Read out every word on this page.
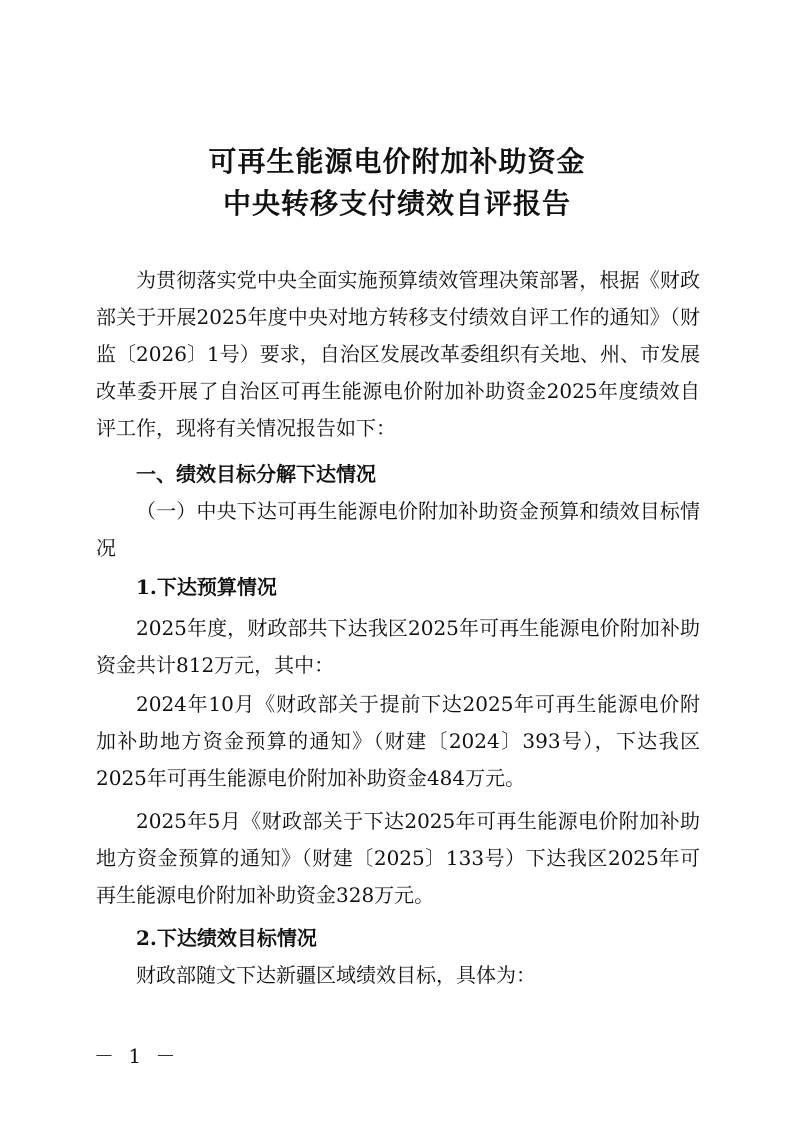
可再生能源电价附加补助资金
中央转移支付绩效自评报告

为贯彻落实党中央全面实施预算绩效管理决策部署，根据《财政部关于开展2025年度中央对地方转移支付绩效自评工作的通知》（财监〔2026〕1号）要求，自治区发展改革委组织有关地、州、市发展改革委开展了自治区可再生能源电价附加补助资金2025年度绩效自评工作，现将有关情况报告如下：

一、绩效目标分解下达情况

（一）中央下达可再生能源电价附加补助资金预算和绩效目标情况

1.下达预算情况

2025年度，财政部共下达我区2025年可再生能源电价附加补助资金共计812万元，其中：

2024年10月《财政部关于提前下达2025年可再生能源电价附加补助地方资金预算的通知》（财建〔2024〕393号），下达我区2025年可再生能源电价附加补助资金484万元。

2025年5月《财政部关于下达2025年可再生能源电价附加补助地方资金预算的通知》（财建〔2025〕133号）下达我区2025年可再生能源电价附加补助资金328万元。

2.下达绩效目标情况

财政部随文下达新疆区域绩效目标，具体为：

－ 1 －
